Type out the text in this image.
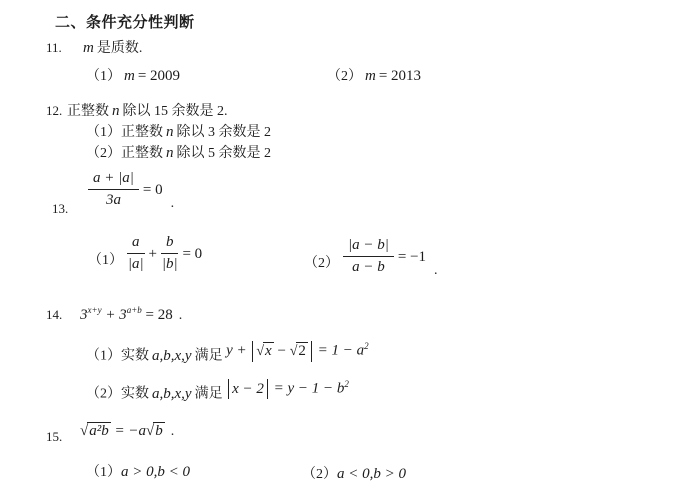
二、条件充分性判断
11. m 是质数.
（1） m = 2009	（2） m = 2013
12. 正整数 n 除以 15 余数是 2.
（1）正整数 n 除以 3 余数是 2
（2）正整数 n 除以 5 余数是 2
13. $\frac{a + |a|}{3a} = 0$
.
$(1) \frac{a}{|a|} + \frac{b}{|b|} = 0$
$(2) \frac{|a - b|}{a - b} = -1$
.
14. $3^{x+y} + 3^{a+b} = 28$ .
（1）实数 a,b,x,y 满足 $y + √x - √2 = 1 - a^2$
（2）实数 a,b,x,y 满足 $x - 2 = y - 1 - b^2$
15. √a²b = −a√b .
（1）a > 0,b < 0	（2）a < 0,b > 0
